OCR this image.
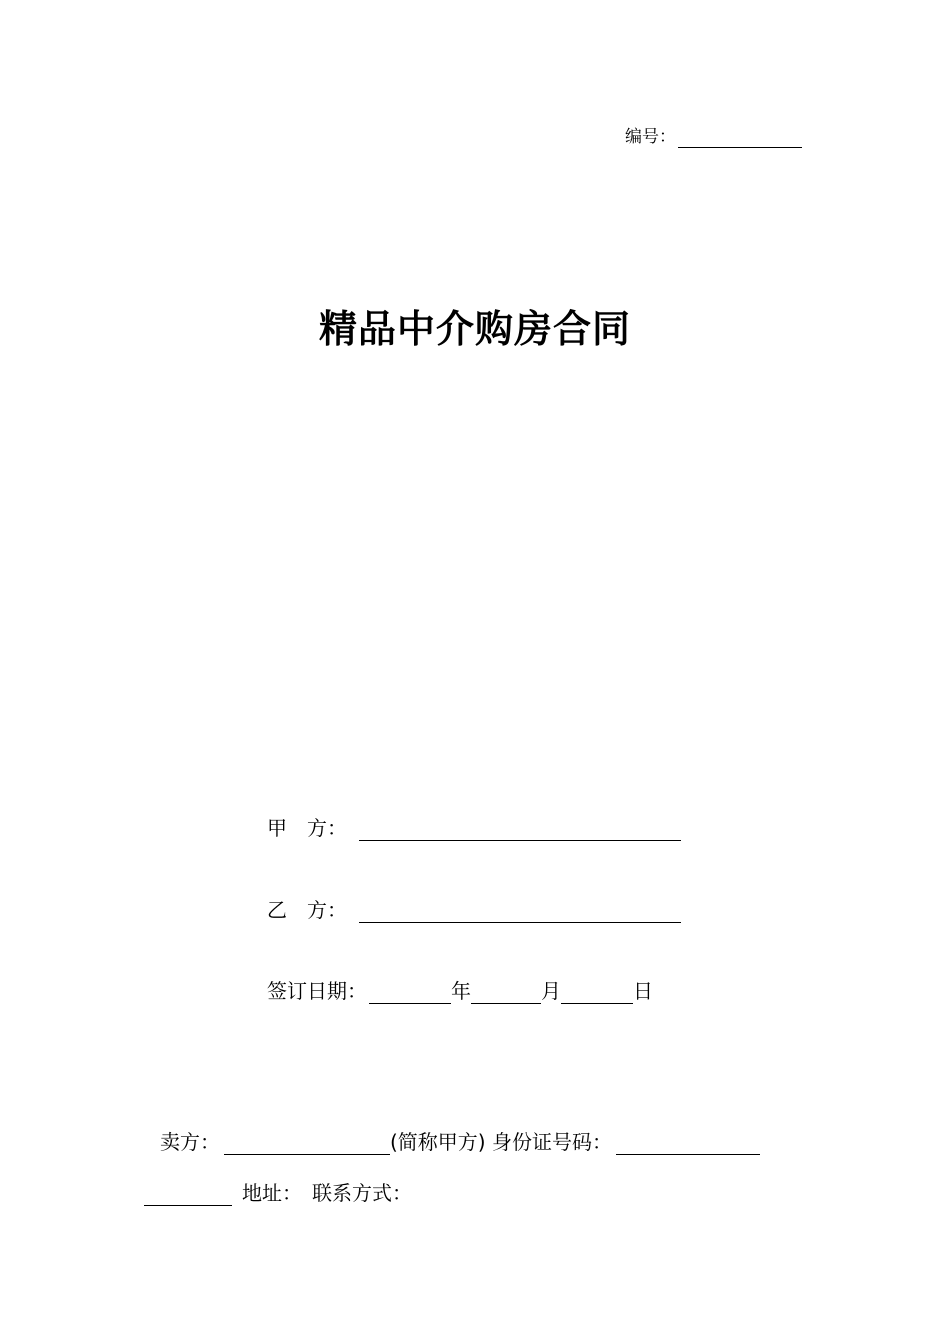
编号：
精品中介购房合同
甲　方：
乙　方：
签订日期：	年	月	日
卖方：	(简称甲方) 身份证号码：
地址： 联系方式：
